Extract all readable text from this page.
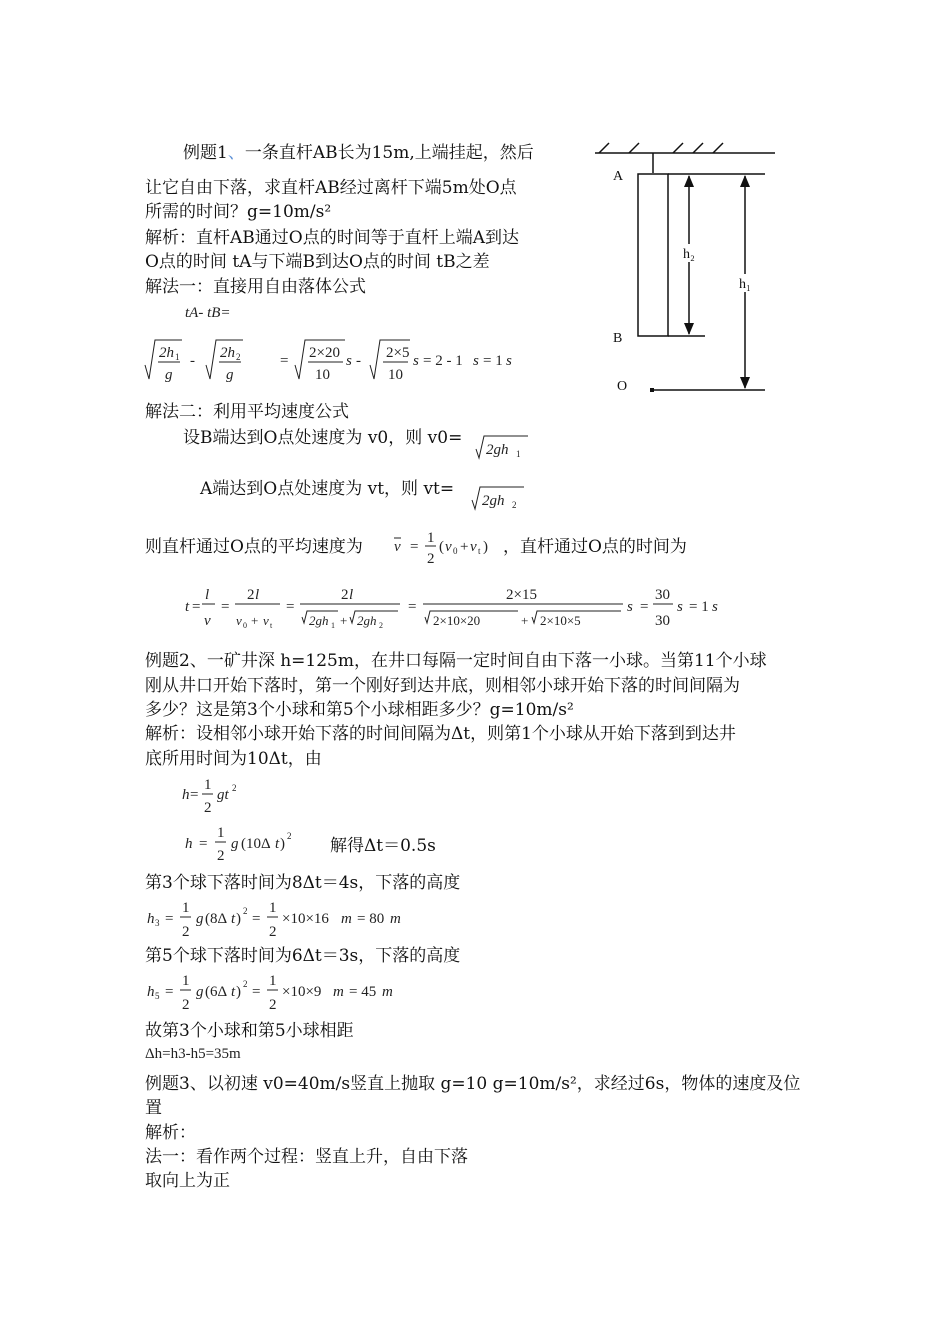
例题1、一条直杆AB长为15m,上端挂起，然后
让它自由下落，求直杆AB经过离杆下端5m处O点
所需的时间？g=10m/s²
解析：直杆AB通过O点的时间等于直杆上端A到达
O点的时间 tA与下端B到达O点的时间 tB之差
解法一：直接用自由落体公式
tA- tB=
√(2h₁/g) - √(2h₂/g) = √(2×20/10) s - √(2×5/10) s = 2 - 1s = 1s
2h 1
g
- 2h 2
g
= 2×20
10
s - 2×5
10
s = 2 - 1 s = 1 s
解法二：利用平均速度公式
设B端达到O点处速度为 v0，则 v0=	√(2gh₁)
2gh 1
A端达到O点处速度为 vt，则 vt=	√(2gh₂)
2gh 2
则直杆通过O点的平均速度为
v̄ = ½(v₀+vₜ)
v =
1
2
( v 0 + v t ) ，直杆通过O点的时间为
t = l / v̄ = 2l/(v₀+vₜ) = 2l/(√(2gh₁)+√(2gh₂)) = 2×15/(√(2×10×20)+√(2×10×5)) s = 30/30 s = 1s
t =
l
v
=
2 l
v 0 + v t
=
2 l
2gh 1 + 2gh 2
=
2×15
2×10×20	+ 2×10×5
s =
30
30
s = 1 s
A
B
O
h₂
h₁
例题2、一矿井深 h=125m，在井口每隔一定时间自由下落一小球。当第11个小球
刚从井口开始下落时，第一个刚好到达井底，则相邻小球开始下落的时间间隔为
多少？这是第3个小球和第5个小球相距多少？g=10m/s²
解析：设相邻小球开始下落的时间间隔为Δt，则第1个小球从开始下落到到达井
底所用时间为10Δt，由
h = ½gt²
h =
1
2
gt 2
h = ½g(10Δt)²
h =
1
2
g (10Δ t ) 2 解得Δt＝0.5s
第3个球下落时间为8Δt＝4s，下落的高度
h₃ = ½g(8Δt)² = ½×10×16m = 80m
h 3 =
1
2
g (8Δ t ) 2 =
1
2
×10×16 m = 80 m
第5个球下落时间为6Δt＝3s，下落的高度
h₅ = ½g(6Δt)² = ½×10×9m = 45m
h 5 =
1
2
g (6Δ t ) 2 =
1
2
×10×9 m = 45 m
故第3个小球和第5小球相距
Δh=h3-h5=35m
例题3、以初速 v0=40m/s竖直上抛取 g=10 g=10m/s²，求经过6s，物体的速度及位
置
解析：
法一：看作两个过程：竖直上升，自由下落
取向上为正
